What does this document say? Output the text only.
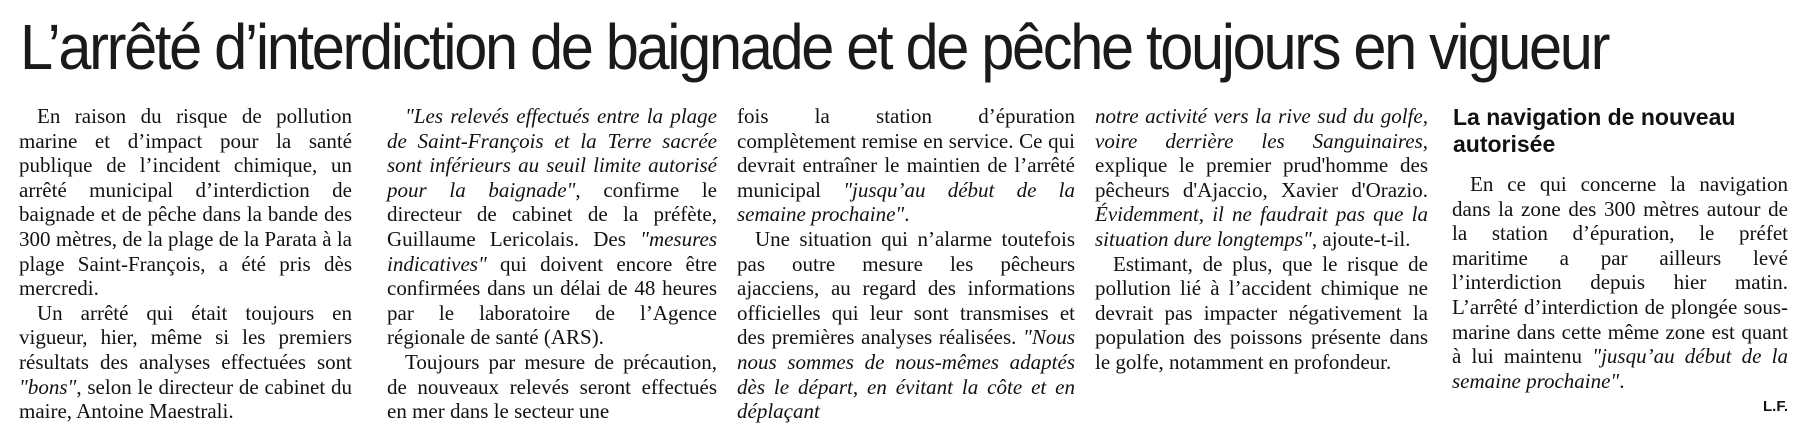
L’arrêté d’interdiction de baignade et de pêche toujours en vigueur

En raison du risque de pollution marine et d’impact pour la santé publique de l’incident chimique, un arrêté municipal d’interdiction de baignade et de pêche dans la bande des 300 mètres, de la plage de la Parata à la plage Saint-François, a été pris dès mercredi.

Un arrêté qui était toujours en vigueur, hier, même si les premiers résultats des analyses effectuées sont "bons", selon le directeur de cabinet du maire, Antoine Maestrali.

"Les relevés effectués entre la plage de Saint-François et la Terre sacrée sont inférieurs au seuil limite autorisé pour la baignade", confirme le directeur de cabinet de la préfète, Guillaume Lericolais. Des "mesures indicatives" qui doivent encore être confirmées dans un délai de 48 heures par le laboratoire de l’Agence régionale de santé (ARS).

Toujours par mesure de précaution, de nouveaux relevés seront effectués en mer dans le secteur une

fois la station d’épuration complètement remise en service. Ce qui devrait entraîner le maintien de l’arrêté municipal "jusqu’au début de la semaine prochaine".

Une situation qui n’alarme toutefois pas outre mesure les pêcheurs ajacciens, au regard des informations officielles qui leur sont transmises et des premières analyses réalisées. "Nous nous sommes de nous-mêmes adaptés dès le départ, en évitant la côte et en déplaçant

notre activité vers la rive sud du golfe, voire derrière les Sanguinaires, explique le premier prud'homme des pêcheurs d'Ajaccio, Xavier d'Orazio. Évidemment, il ne faudrait pas que la situation dure longtemps", ajoute-t-il.

Estimant, de plus, que le risque de pollution lié à l’accident chimique ne devrait pas impacter négativement la population des poissons présente dans le golfe, notamment en profondeur.

La navigation de nouveau autorisée

En ce qui concerne la navigation dans la zone des 300 mètres autour de la station d’épuration, le préfet maritime a par ailleurs levé l’interdiction depuis hier matin. L’arrêté d’interdiction de plongée sous-marine dans cette même zone est quant à lui maintenu "jusqu’au début de la semaine prochaine".

L.F.
